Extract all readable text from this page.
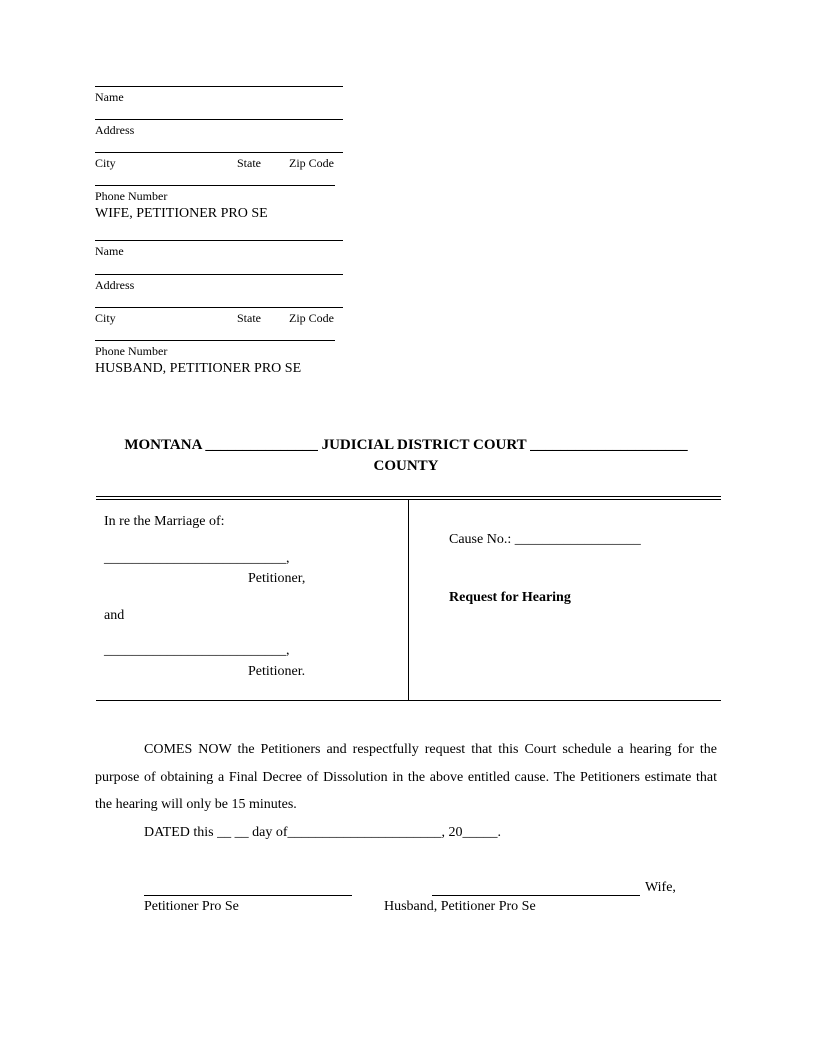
Name
Address
City	State Zip Code
Phone Number
WIFE, PETITIONER PRO SE
Name
Address
City	State Zip Code
Phone Number
HUSBAND, PETITIONER PRO SE
MONTANA _______________ JUDICIAL DISTRICT COURT _____________________
COUNTY
In re the Marriage of:
__________________________,
Petitioner,
and
__________________________,
Petitioner.
Cause No.: __________________
Request for Hearing
COMES NOW the Petitioners and respectfully request that this Court schedule a hearing for the purpose of obtaining a Final Decree of Dissolution in the above entitled cause. The Petitioners estimate that the hearing will only be 15 minutes.
DATED this __ __ day of______________________, 20_____.
Petitioner Pro Se
Wife,
Husband, Petitioner Pro Se
